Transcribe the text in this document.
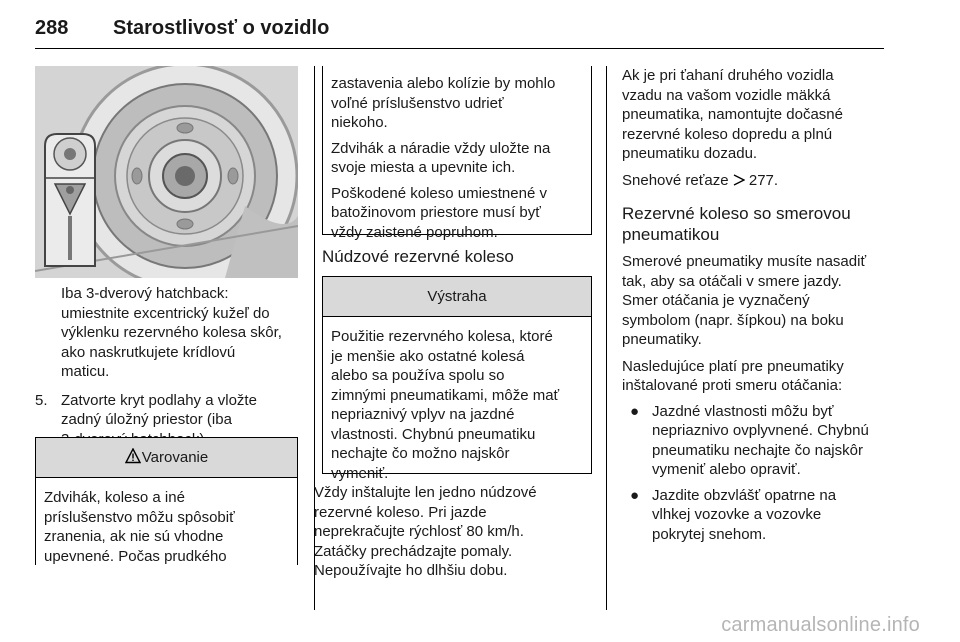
288 Starostlivosť o vozidlo

Iba 3-dverový hatchback:
umiestnite excentrický kužeľ do
výklenku rezervného kolesa skôr,
ako naskrutkujete krídlovú
maticu.

5. Zatvorte kryt podlahy a vložte
zadný úložný priestor (iba

Varovanie

Zdvihák, koleso a iné
príslušenstvo môžu spôsobiť
zranenia, ak nie sú vhodne
upevnené. Počas prudkého

zastavenia alebo kolízie by mohlo
voľné príslušenstvo udrieť
niekoho.

Zdvihák a náradie vždy uložte na
svoje miesta a upevnite ich.

Poškodené koleso umiestnené v
batožinovom priestore musí byť
vždy zaistené popruhom.

Núdzové rezervné koleso
Výstraha

Použitie rezervného kolesa, ktoré
je menšie ako ostatné kolesá
alebo sa používa spolu so
zimnými pneumatikami, môže mať
nepriaznivý vplyv na jazdné
vlastnosti. Chybnú pneumatiku
nechajte čo možno najskôr
vymeniť.

Vždy inštalujte len jedno núdzové
rezervné koleso. Pri jazde
neprekračujte rýchlosť 80 km/h.
Zatáčky prechádzajte pomaly.
Nepoužívajte ho dlhšiu dobu.

Ak je pri ťahaní druhého vozidla
vzadu na vašom vozidle mäkká
pneumatika, namontujte dočasné
rezervné koleso dopredu a plnú
pneumatiku dozadu.

Snehové reťaze 277.

Rezervné koleso so smerovou
pneumatikou

Smerové pneumatiky musíte nasadiť
tak, aby sa otáčali v smere jazdy.
Smer otáčania je vyznačený
symbolom (napr. šípkou) na boku
pneumatiky.

Nasledujúce platí pre pneumatiky
inštalované proti smeru otáčania:

● Jazdné vlastnosti môžu byť
nepriaznivo ovplyvnené. Chybnú
pneumatiku nechajte čo najskôr
vymeniť alebo opraviť.

● Jazdite obzvlášť opatrne na
vlhkej vozovke a vozovke
pokrytej snehom.

carmanualsonline.info
